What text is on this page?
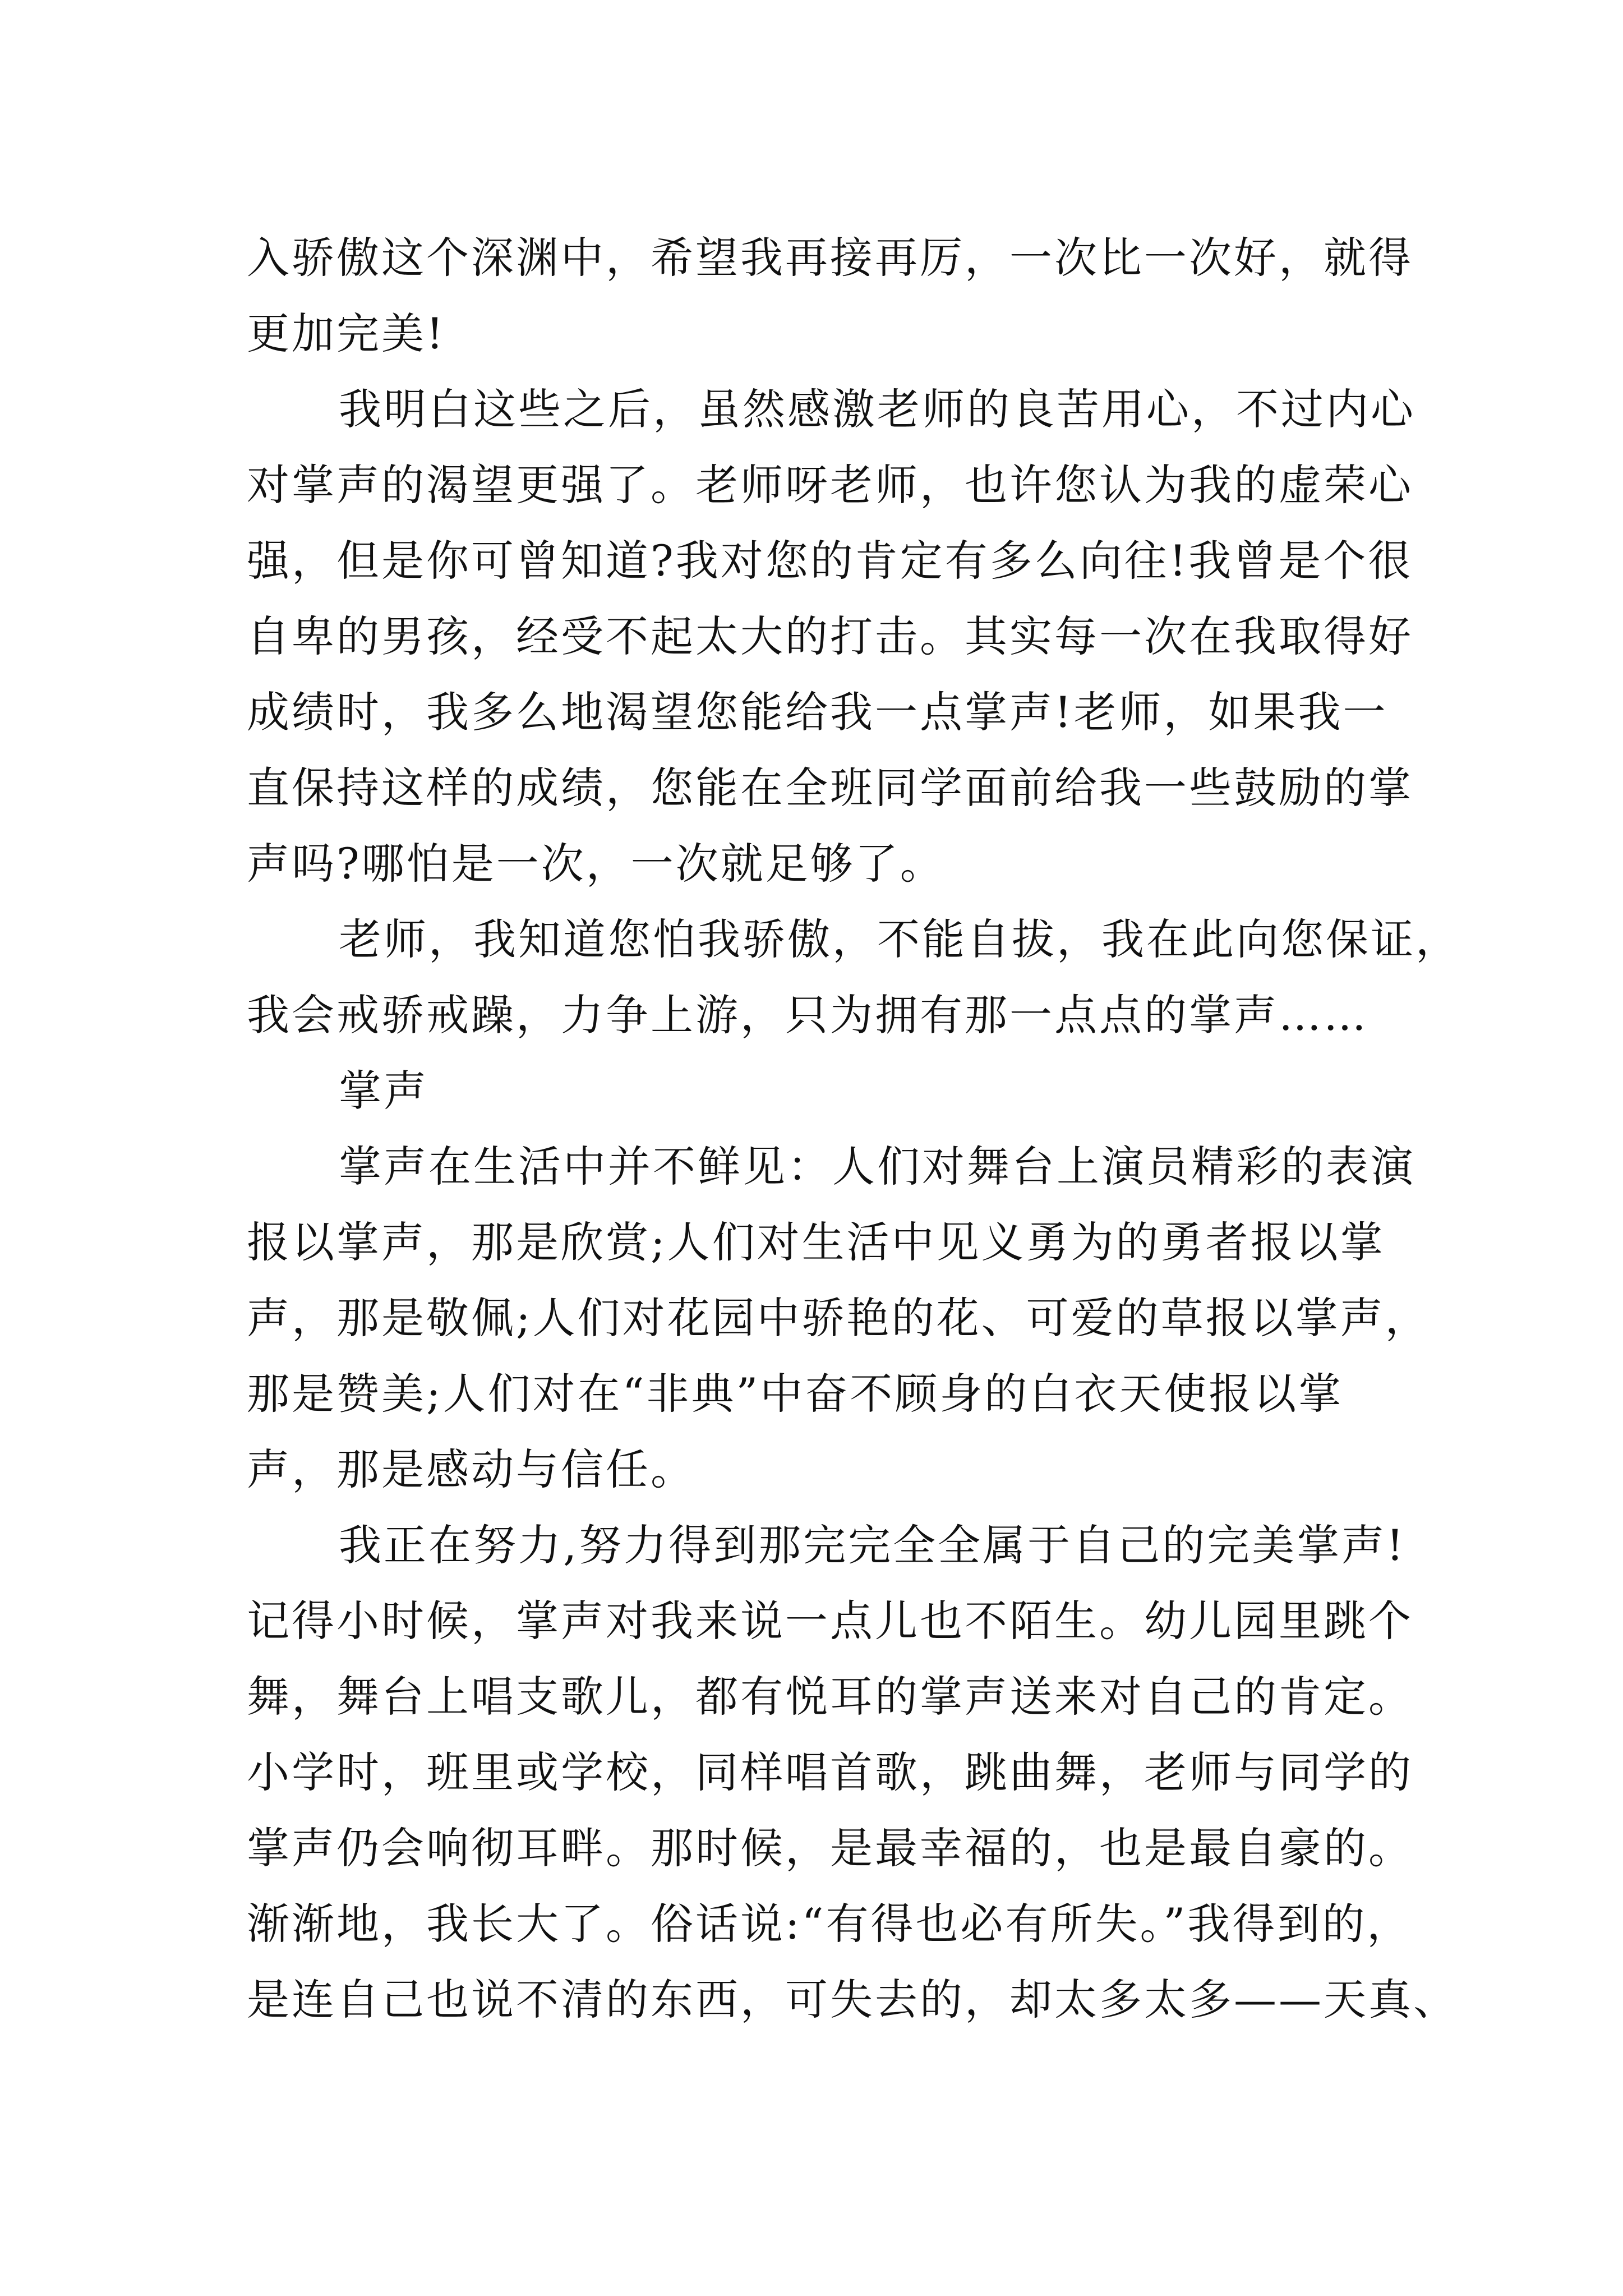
入骄傲这个深渊中，希望我再接再厉，一次比一次好，就得
更加完美!
我明白这些之后，虽然感激老师的良苦用心，不过内心
对掌声的渴望更强了。老师呀老师，也许您认为我的虚荣心
强，但是你可曾知道?我对您的肯定有多么向往!我曾是个很
自卑的男孩，经受不起太大的打击。其实每一次在我取得好
成绩时，我多么地渴望您能给我一点掌声!老师，如果我一
直保持这样的成绩，您能在全班同学面前给我一些鼓励的掌
声吗?哪怕是一次，一次就足够了。
老师，我知道您怕我骄傲，不能自拔，我在此向您保证，
我会戒骄戒躁，力争上游，只为拥有那一点点的掌声……
掌声
掌声在生活中并不鲜见：人们对舞台上演员精彩的表演
报以掌声，那是欣赏;人们对生活中见义勇为的勇者报以掌
声，那是敬佩;人们对花园中骄艳的花、可爱的草报以掌声，
那是赞美;人们对在“非典”中奋不顾身的白衣天使报以掌
声，那是感动与信任。
我正在努力,努力得到那完完全全属于自己的完美掌声!
记得小时候，掌声对我来说一点儿也不陌生。幼儿园里跳个
舞，舞台上唱支歌儿，都有悦耳的掌声送来对自己的肯定。
小学时，班里或学校，同样唱首歌，跳曲舞，老师与同学的
掌声仍会响彻耳畔。那时候，是最幸福的，也是最自豪的。
渐渐地，我长大了。俗话说:“有得也必有所失。”我得到的，
是连自己也说不清的东西，可失去的，却太多太多——天真、
